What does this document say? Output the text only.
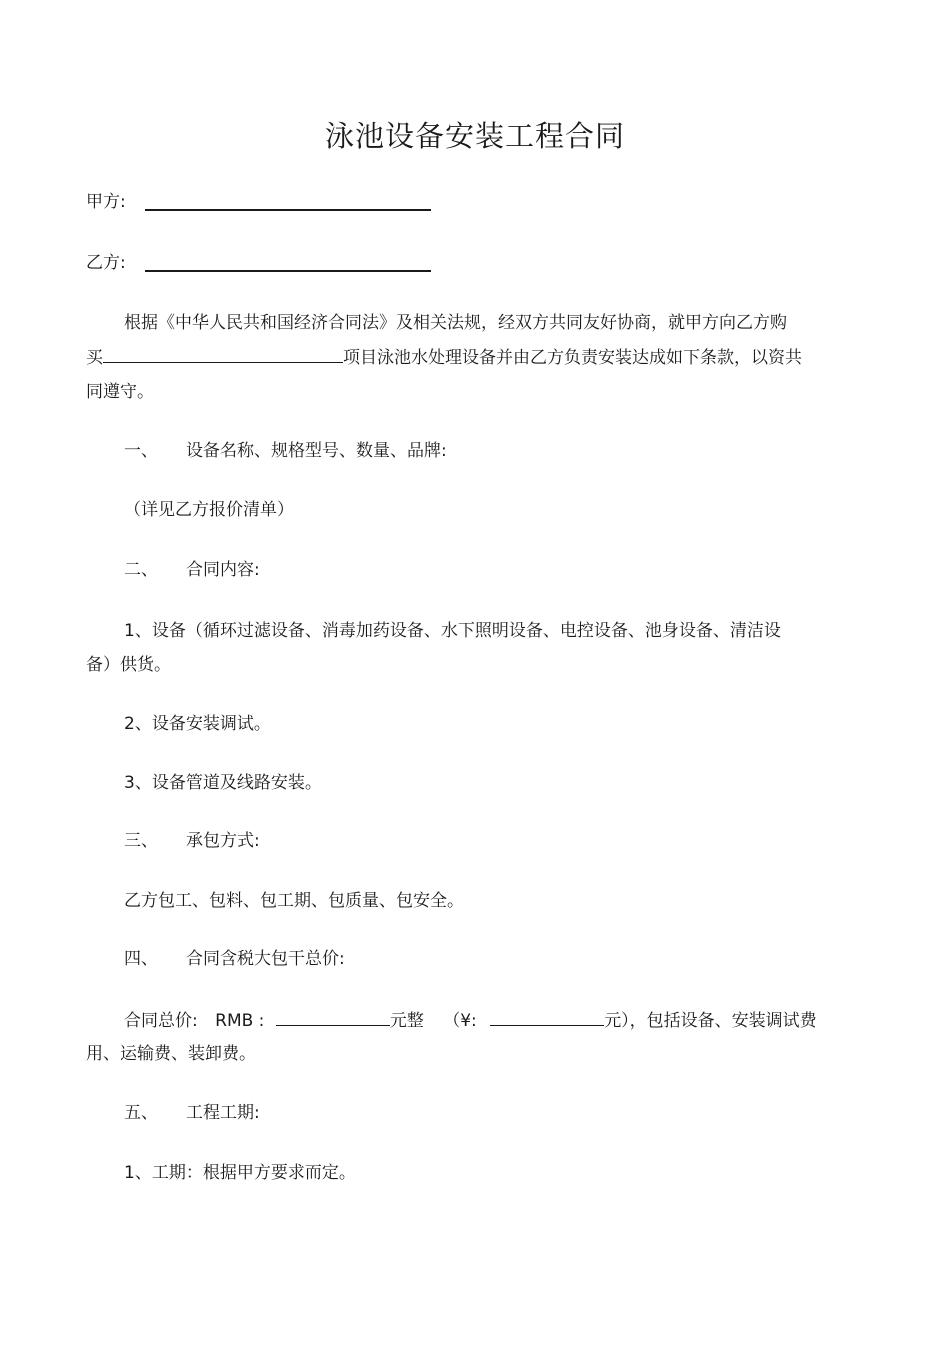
泳池设备安装工程合同
甲方:
乙方:
根据《中华人民共和国经济合同法》及相关法规，经双方共同友好协商，就甲方向乙方购
买	项目泳池水处理设备并由乙方负责安装达成如下条款，以资共
同遵守。
一、 设备名称、规格型号、数量、品牌:
（详见乙方报价清单）
二、 合同内容:
1、设备（循环过滤设备、消毒加药设备、水下照明设备、电控设备、池身设备、清洁设
备）供货。
2、设备安装调试。
3、设备管道及线路安装。
三、 承包方式:
乙方包工、包料、包工期、包质量、包安全。
四、 合同含税大包干总价:
合同总价: RMB :	元整 （¥:	元），包括设备、安装调试费
用、运输费、装卸费。
五、 工程工期:
1、工期：根据甲方要求而定。
